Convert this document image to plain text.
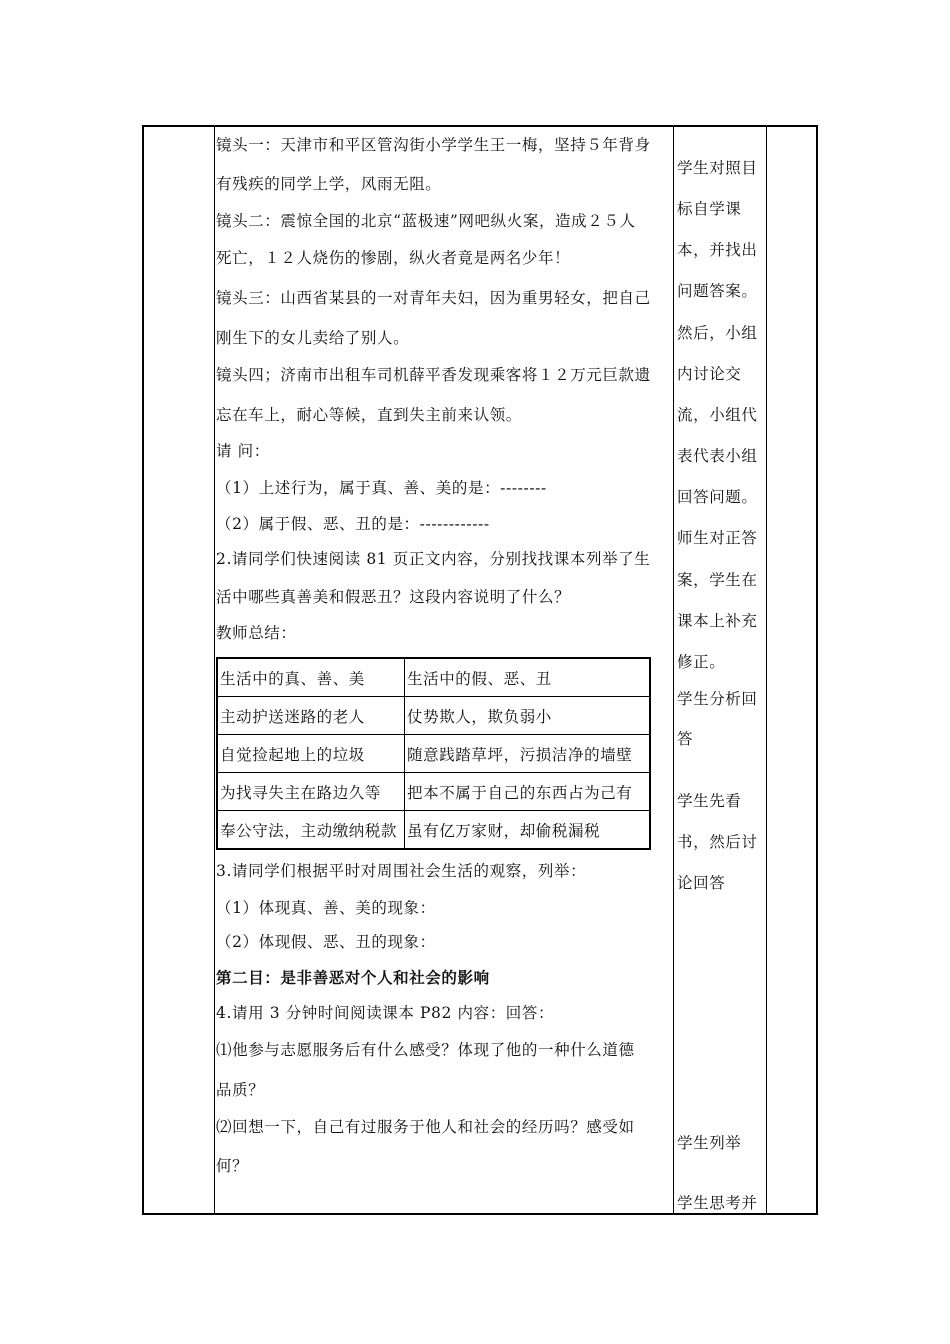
镜头一：天津市和平区管沟街小学学生王一梅，坚持５年背身
有残疾的同学上学，风雨无阻。
镜头二：震惊全国的北京“蓝极速”网吧纵火案，造成２５人
死亡，１２人烧伤的惨剧，纵火者竟是两名少年！
镜头三：山西省某县的一对青年夫妇，因为重男轻女，把自己
刚生下的女儿卖给了别人。
镜头四；济南市出租车司机薛平香发现乘客将１２万元巨款遗
忘在车上，耐心等候，直到失主前来认领。
请 问：
（1）上述行为，属于真、善、美的是：--------
（2）属于假、恶、丑的是：------------
2.请同学们快速阅读 81 页正文内容，分别找找课本列举了生
活中哪些真善美和假恶丑？这段内容说明了什么？
教师总结：
生活中的真、善、美	生活中的假、恶、丑
主动护送迷路的老人	仗势欺人，欺负弱小
自觉捡起地上的垃圾	随意践踏草坪，污损洁净的墙壁
为找寻失主在路边久等	把本不属于自己的东西占为己有
奉公守法，主动缴纳税款	虽有亿万家财，却偷税漏税
3.请同学们根据平时对周围社会生活的观察，列举：
（1）体现真、善、美的现象：
（2）体现假、恶、丑的现象：
第二目：是非善恶对个人和社会的影响
4.请用 3 分钟时间阅读课本 P82 内容：回答：
⑴他参与志愿服务后有什么感受？体现了他的一种什么道德
品质？
⑵回想一下，自己有过服务于他人和社会的经历吗？感受如
何？
学生对照目
标自学课
本，并找出
问题答案。
然后，小组
内讨论交
流，小组代
表代表小组
回答问题。
师生对正答
案，学生在
课本上补充
修正。
学生分析回
答
学生先看
书，然后讨
论回答
学生列举
学生思考并
